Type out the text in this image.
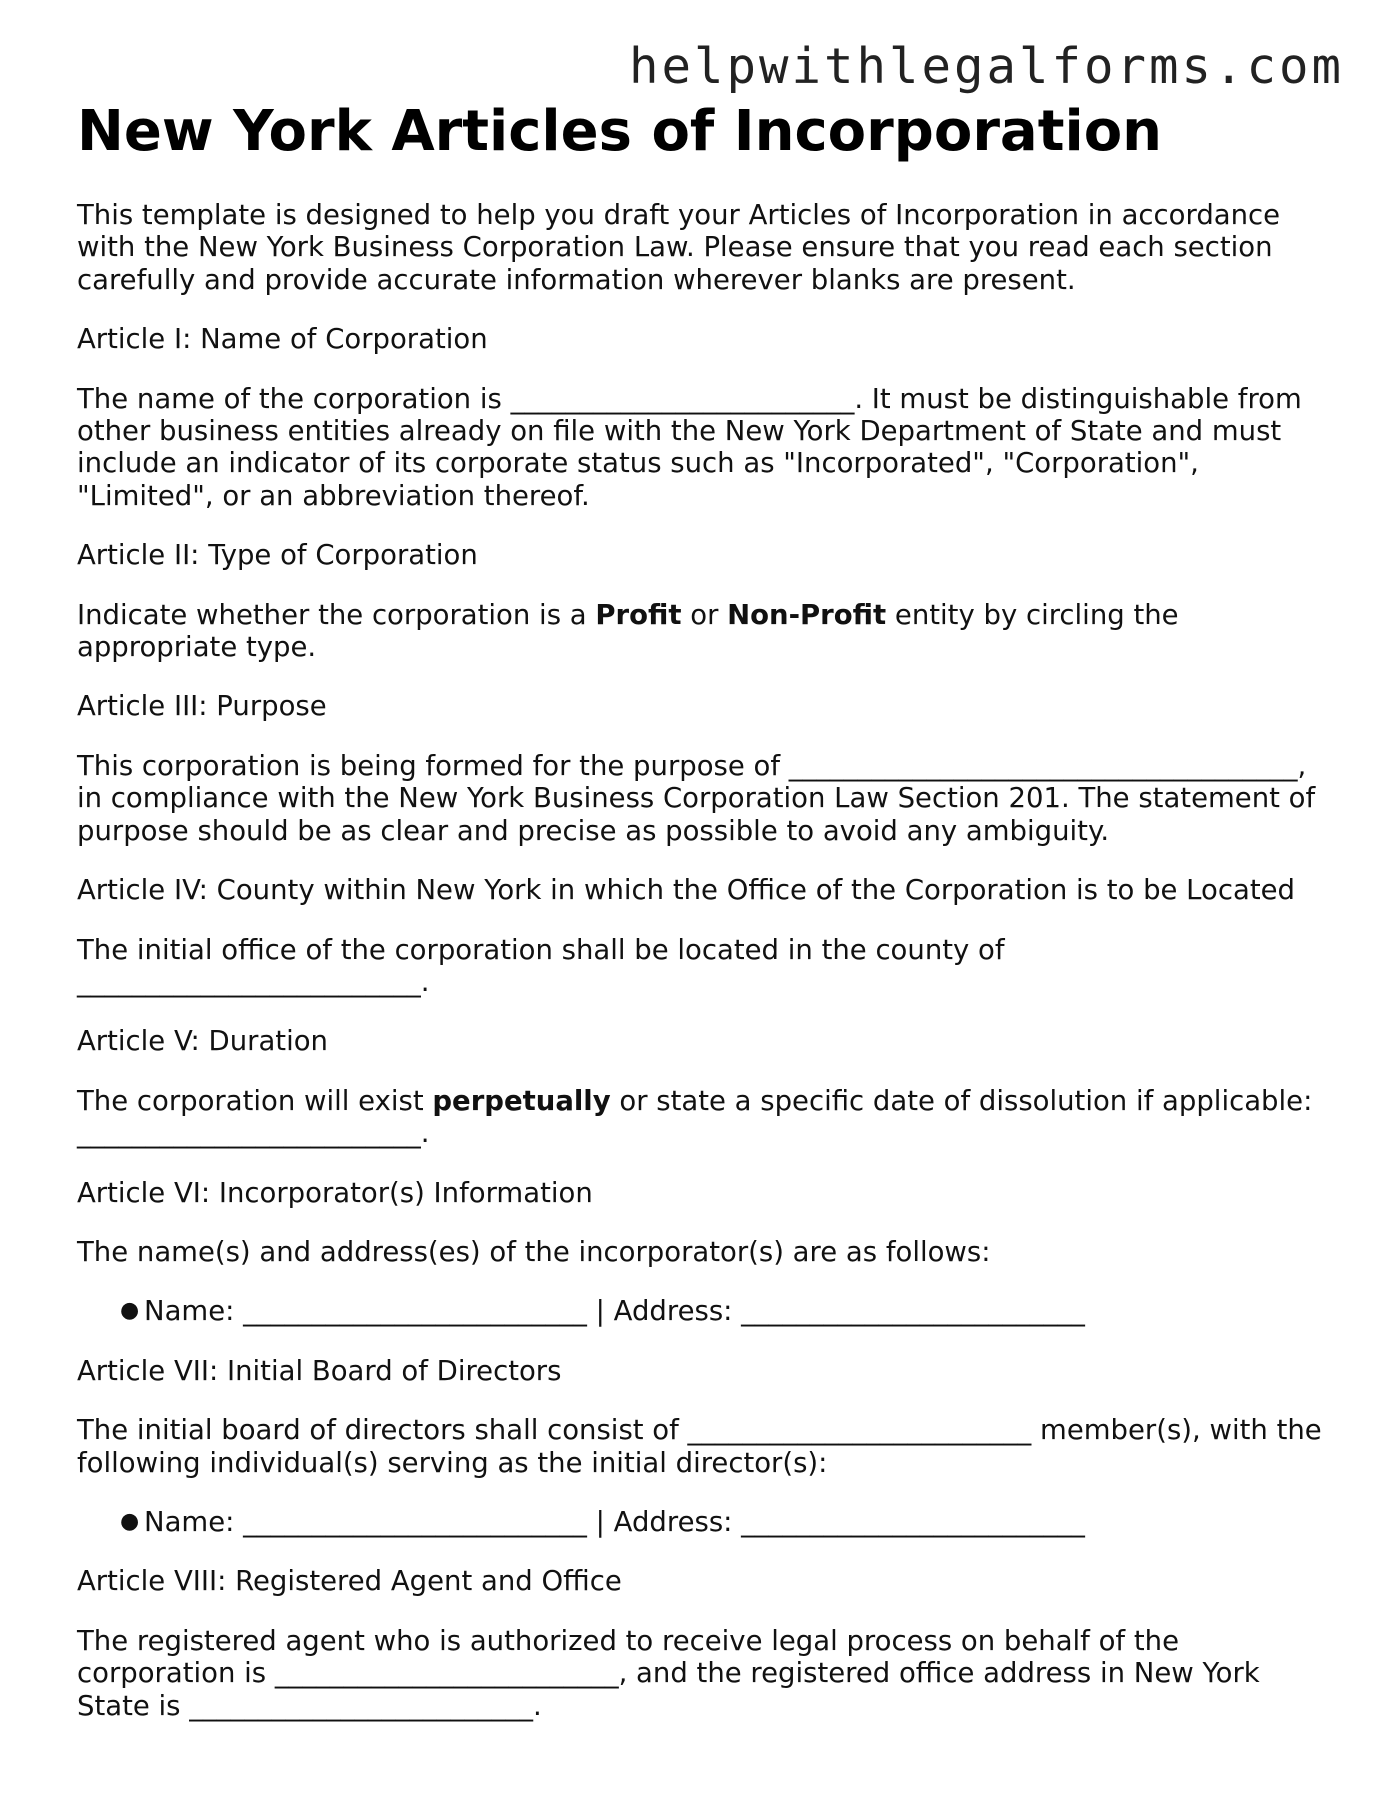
helpwithlegalforms.com
New York Articles of Incorporation

This template is designed to help you draft your Articles of Incorporation in accordance with the New York Business Corporation Law. Please ensure that you read each section carefully and provide accurate information wherever blanks are present.

Article I: Name of Corporation

The name of the corporation is _________________________. It must be distinguishable from other business entities already on file with the New York Department of State and must include an indicator of its corporate status such as "Incorporated", "Corporation", "Limited", or an abbreviation thereof.

Article II: Type of Corporation

Indicate whether the corporation is a Profit or Non-Profit entity by circling the appropriate type.

Article III: Purpose

This corporation is being formed for the purpose of _____________________________________, in compliance with the New York Business Corporation Law Section 201. The statement of purpose should be as clear and precise as possible to avoid any ambiguity.

Article IV: County within New York in which the Office of the Corporation is to be Located

The initial office of the corporation shall be located in the county of _________________________.

Article V: Duration

The corporation will exist perpetually or state a specific date of dissolution if applicable: _________________________.

Article VI: Incorporator(s) Information

The name(s) and address(es) of the incorporator(s) are as follows:

● Name: _________________________ | Address: _________________________

Article VII: Initial Board of Directors

The initial board of directors shall consist of _________________________ member(s), with the following individual(s) serving as the initial director(s):

● Name: _________________________ | Address: _________________________

Article VIII: Registered Agent and Office

The registered agent who is authorized to receive legal process on behalf of the corporation is _________________________, and the registered office address in New York State is _________________________.
